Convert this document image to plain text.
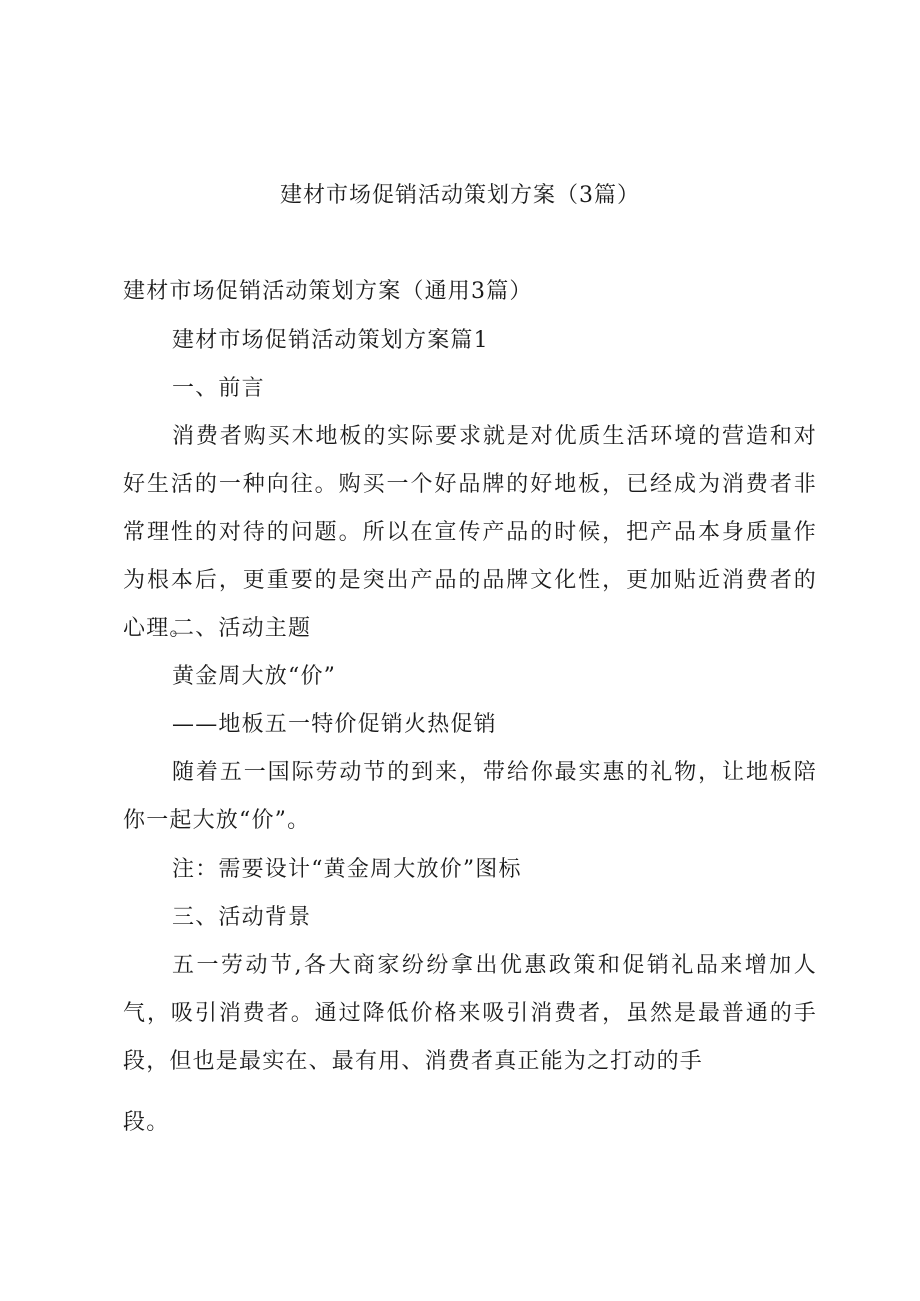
建材市场促销活动策划方案（3篇）
建材市场促销活动策划方案（通用3篇）
建材市场促销活动策划方案篇1
一、前言
消费者购买木地板的实际要求就是对优质生活环境的营造和对好生活的一种向往。购买一个好品牌的好地板，已经成为消费者非常理性的对待的问题。所以在宣传产品的时候，把产品本身质量作为根本后，更重要的是突出产品的品牌文化性，更加贴近消费者的心理。
二、活动主题
黄金周大放“价”
——地板五一特价促销火热促销
随着五一国际劳动节的到来，带给你最实惠的礼物，让地板陪你一起大放“价”。
注：需要设计“黄金周大放价”图标
三、活动背景
五一劳动节,各大商家纷纷拿出优惠政策和促销礼品来增加人气，吸引消费者。通过降低价格来吸引消费者，虽然是最普通的手段，但也是最实在、最有用、消费者真正能为之打动的手
段。
